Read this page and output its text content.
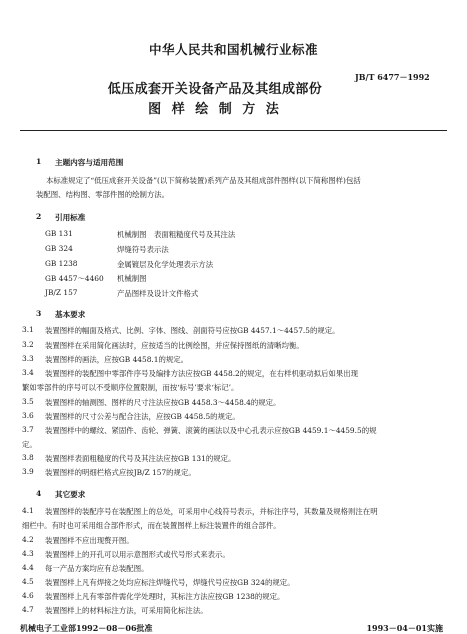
中华人民共和国机械行业标准
JB/T 6477－1992
低压成套开关设备产品及其组成部份
图 样 绘 制 方 法
1 主题内容与适用范围
本标准规定了“低压成套开关设备”(以下简称装置)系列产品及其组成部件图样(以下简称图样)包括
装配图、结构图、零部件图的绘制方法。
2 引用标准
GB 131	机械制图　表面粗糙度代号及其注法
GB 324	焊缝符号表示法
GB 1238	金属镀层及化学处理表示方法
GB 4457～4460 机械制图
JB/Z 157	产品图样及设计文件格式
3 基本要求
3.1 装置图样的幅面及格式、比例、字体、图线、剖面符号应按GB 4457.1～4457.5的规定。
3.2 装置图样在采用简化画法时，应按适当的比例绘图，并应保持图纸的清晰均衡。
3.3 装置图样的画法，应按GB 4458.1的规定。
3.4 装置图样的装配图中零部件序号及编排方法应按GB 4458.2的规定，在右样机驱动拟后如果出现
繁如零部件的序号可以不受顺序位置限制，而按‘标号’要求‘标记’。
3.5 装置图样的轴测图、图样的尺寸注法应按GB 4458.3～4458.4的规定。
3.6 装置图样的尺寸公差与配合注法，应按GB 4458.5的规定。
3.7 装置图样中的螺纹、紧固件、齿轮、弹簧、滚簧的画法以及中心孔表示应按GB 4459.1～4459.5的规
定。
3.8 装置图样表面粗糙度的代号及其注法应按GB 131的规定。
3.9 装置图样的明细栏格式应按JB/Z 157的规定。
4 其它要求
4.1 装置图样的装配序号在装配图上的总处，可采用中心线符号表示，并标注序号，其数量及规格则注在明
细栏中。有时也可采用组合部件形式，而在装置图样上标注装置件的组合部件。
4.2 装置图样不应出现赘开图。
4.3 装置图样上的开孔可以用示意图形式或代号形式来表示。
4.4 每一产品方案均应有总装配图。
4.5 装置图样上凡有焊接之处均应标注焊缝代号，焊缝代号应按GB 324的规定。
4.6 装置图样上凡有零部件需化学处理时，其标注方法应按GB 1238的规定。
4.7 装置图样上的材料标注方法，可采用简化标注法。
机械电子工业部1992－08－06批准	1993－04－01实施
